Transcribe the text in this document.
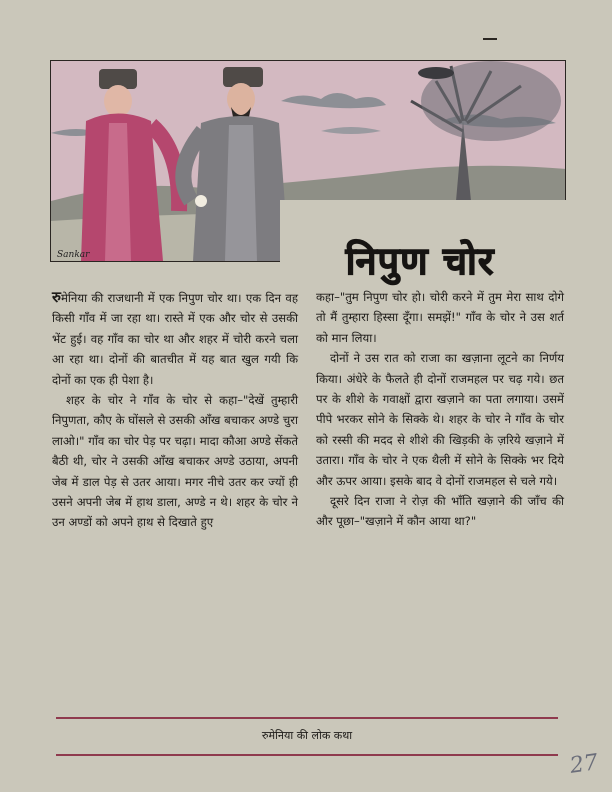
Sankar	निपुण चोर

रुमेनिया की राजधानी में एक निपुण चोर था। एक दिन वह किसी गाँव में जा रहा था। रास्ते में एक और चोर से उसकी भेंट हुई। वह गाँव का चोर था और शहर में चोरी करने चला आ रहा था। दोनों की बातचीत में यह बात खुल गयी कि दोनों का एक ही पेशा है।

शहर के चोर ने गाँव के चोर से कहा–"देखें तुम्हारी निपुणता, कौए के घोंसले से उसकी आँख बचाकर अण्डे चुरा लाओ।" गाँव का चोर पेड़ पर चढ़ा। मादा कौआ अण्डे सेंकते बैठी थी, चोर ने उसकी आँख बचाकर अण्डे उठाया, अपनी जेब में डाल पेड़ से उतर आया। मगर नीचे उतर कर ज्यों ही उसने अपनी जेब में हाथ डाला, अण्डे न थे। शहर के चोर ने उन अण्डों को अपने हाथ से दिखाते हुए

कहा–"तुम निपुण चोर हो। चोरी करने में तुम मेरा साथ दोगे तो मैं तुम्हारा हिस्सा दूँगा। समझें!" गाँव के चोर ने उस शर्त को मान लिया।

दोनों ने उस रात को राजा का खज़ाना लूटने का निर्णय किया। अंधेरे के फैलते ही दोनों राजमहल पर चढ़ गये। छत पर के शीशे के गवाक्षों द्वारा खज़ाने का पता लगाया। उसमें पीपे भरकर सोने के सिक्के थे। शहर के चोर ने गाँव के चोर को रस्सी की मदद से शीशे की खिड़की के ज़रिये खज़ाने में उतारा। गाँव के चोर ने एक थैली में सोने के सिक्के भर दिये और ऊपर आया। इसके बाद वे दोनों राजमहल से चले गये।

दूसरे दिन राजा ने रोज़ की भाँति खज़ाने की जाँच की और पूछा–"खज़ाने में कौन आया था?"

रुमेनिया की लोक कथा
27
